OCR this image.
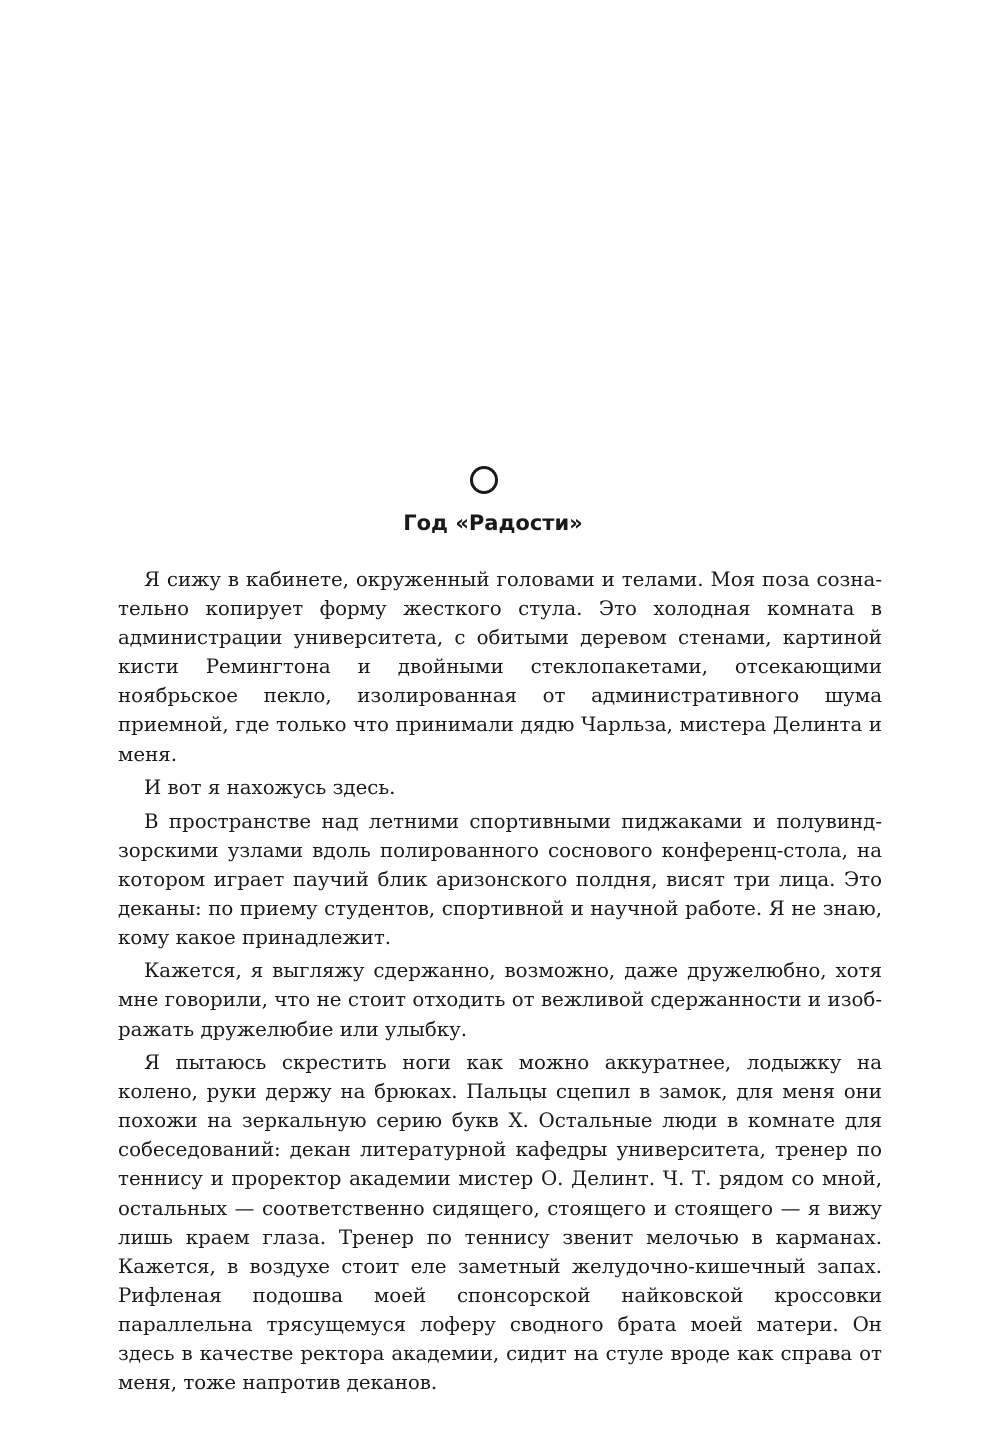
Год «Радости»

Я сижу в кабинете, окруженный головами и телами. Моя поза сознательно копирует форму жесткого стула. Это холодная комната в администрации университета, с обитыми деревом стенами, картиной кисти Ремингтона и двойными стеклопакетами, отсекающими ноябрьское пекло, изолированная от административного шума приемной, где только что принимали дядю Чарльза, мистера Делинта и меня.

И вот я нахожусь здесь.

В пространстве над летними спортивными пиджаками и полувиндзорскими узлами вдоль полированного соснового конференц-стола, на котором играет паучий блик аризонского полдня, висят три лица. Это деканы: по приему студентов, спортивной и научной работе. Я не знаю, кому какое принадлежит.

Кажется, я выгляжу сдержанно, возможно, даже дружелюбно, хотя мне говорили, что не стоит отходить от вежливой сдержанности и изображать дружелюбие или улыбку.

Я пытаюсь скрестить ноги как можно аккуратнее, лодыжку на колено, руки держу на брюках. Пальцы сцепил в замок, для меня они похожи на зеркальную серию букв X. Остальные люди в комнате для собеседований: декан литературной кафедры университета, тренер по теннису и проректор академии мистер О. Делинт. Ч. Т. рядом со мной, остальных — соответственно сидящего, стоящего и стоящего — я вижу лишь краем глаза. Тренер по теннису звенит мелочью в карманах. Кажется, в воздухе стоит еле заметный желудочно-кишечный запах. Рифленая подошва моей спонсорской найковской кроссовки параллельна трясущемуся лоферу сводного брата моей матери. Он здесь в качестве ректора академии, сидит на стуле вроде как справа от меня, тоже напротив деканов.
